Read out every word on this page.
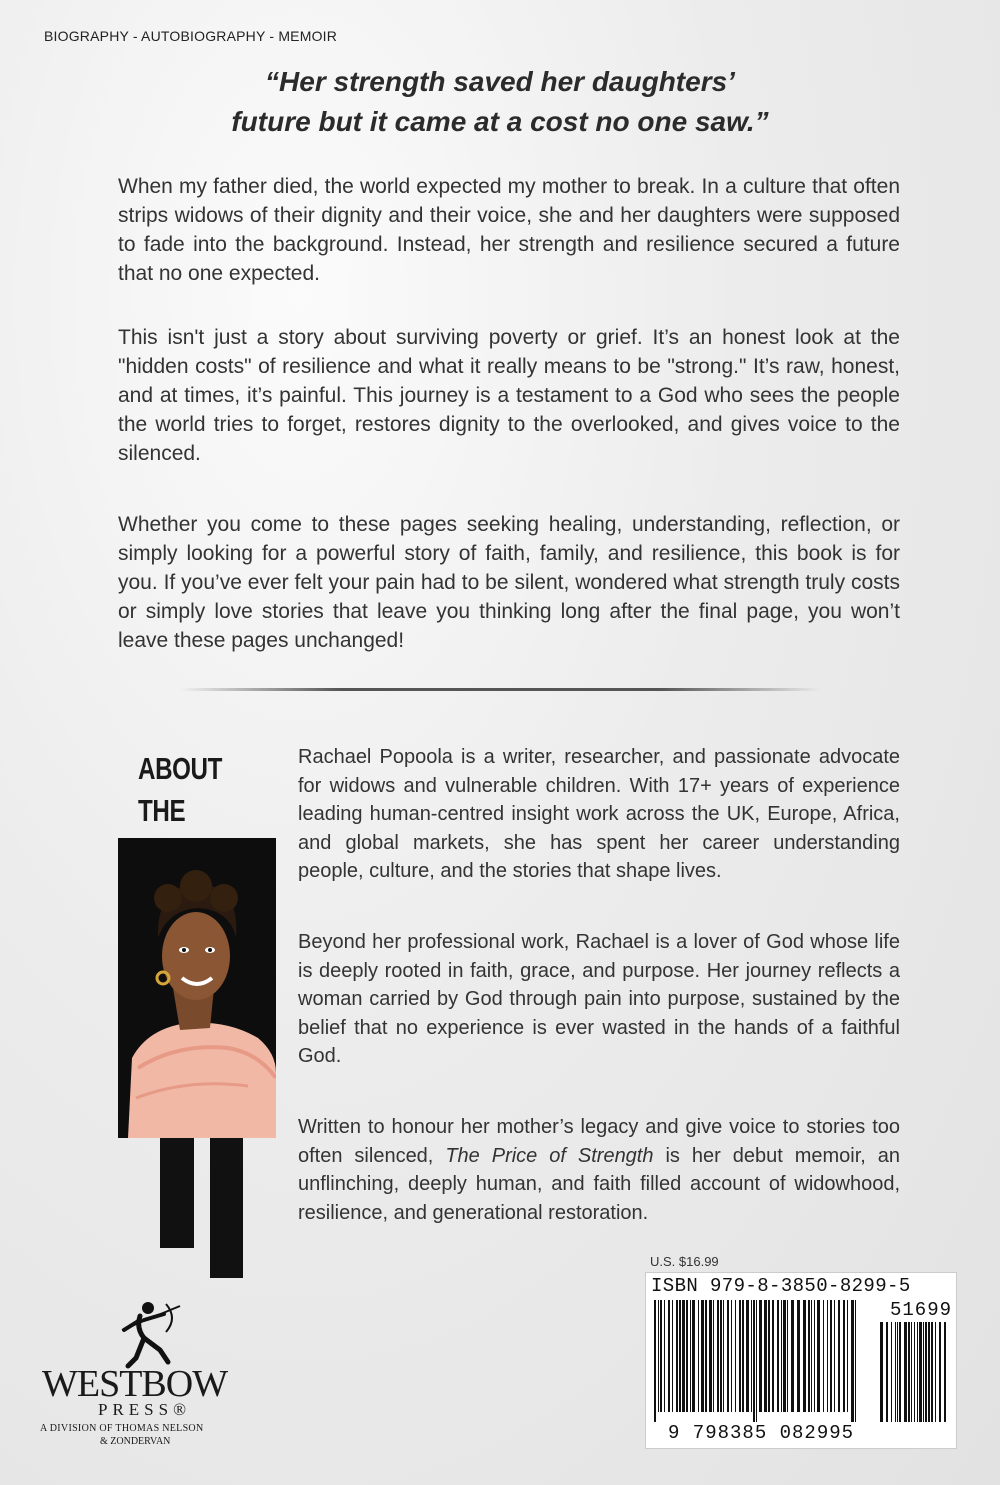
BIOGRAPHY - AUTOBIOGRAPHY - MEMOIR
“Her strength saved her daughters’
future but it came at a cost no one saw.”

When my father died, the world expected my mother to break. In a culture that often strips widows of their dignity and their voice, she and her daughters were supposed to fade into the background. Instead, her strength and resilience secured a future that no one expected.

This isn't just a story about surviving poverty or grief. It’s an honest look at the "hidden costs" of resilience and what it really means to be "strong." It’s raw, honest, and at times, it’s painful. This journey is a testament to a God who sees the people the world tries to forget, restores dignity to the overlooked, and gives voice to the silenced.

Whether you come to these pages seeking healing, understanding, reflection, or simply looking for a powerful story of faith, family, and resilience, this book is for you. If you’ve ever felt your pain had to be silent, wondered what strength truly costs or simply love stories that leave you thinking long after the final page, you won’t leave these pages unchanged!

ABOUT THE

Rachael Popoola is a writer, researcher, and passionate advocate for widows and vulnerable children. With 17+ years of experience leading human-centred insight work across the UK, Europe, Africa, and global markets, she has spent her career understanding people, culture, and the stories that shape lives.

Beyond her professional work, Rachael is a lover of God whose life is deeply rooted in faith, grace, and purpose. Her journey reflects a woman carried by God through pain into purpose, sustained by the belief that no experience is ever wasted in the hands of a faithful God.

Written to honour her mother’s legacy and give voice to stories too often silenced, The Price of Strength is her debut memoir, an unflinching, deeply human, and faith filled account of widowhood, resilience, and generational restoration.

U.S. $16.99
ISBN 979-8-3850-8299-5
51699
9 798385 082995
WESTBOW
PRESS®
A DIVISION OF THOMAS NELSON
& ZONDERVAN
